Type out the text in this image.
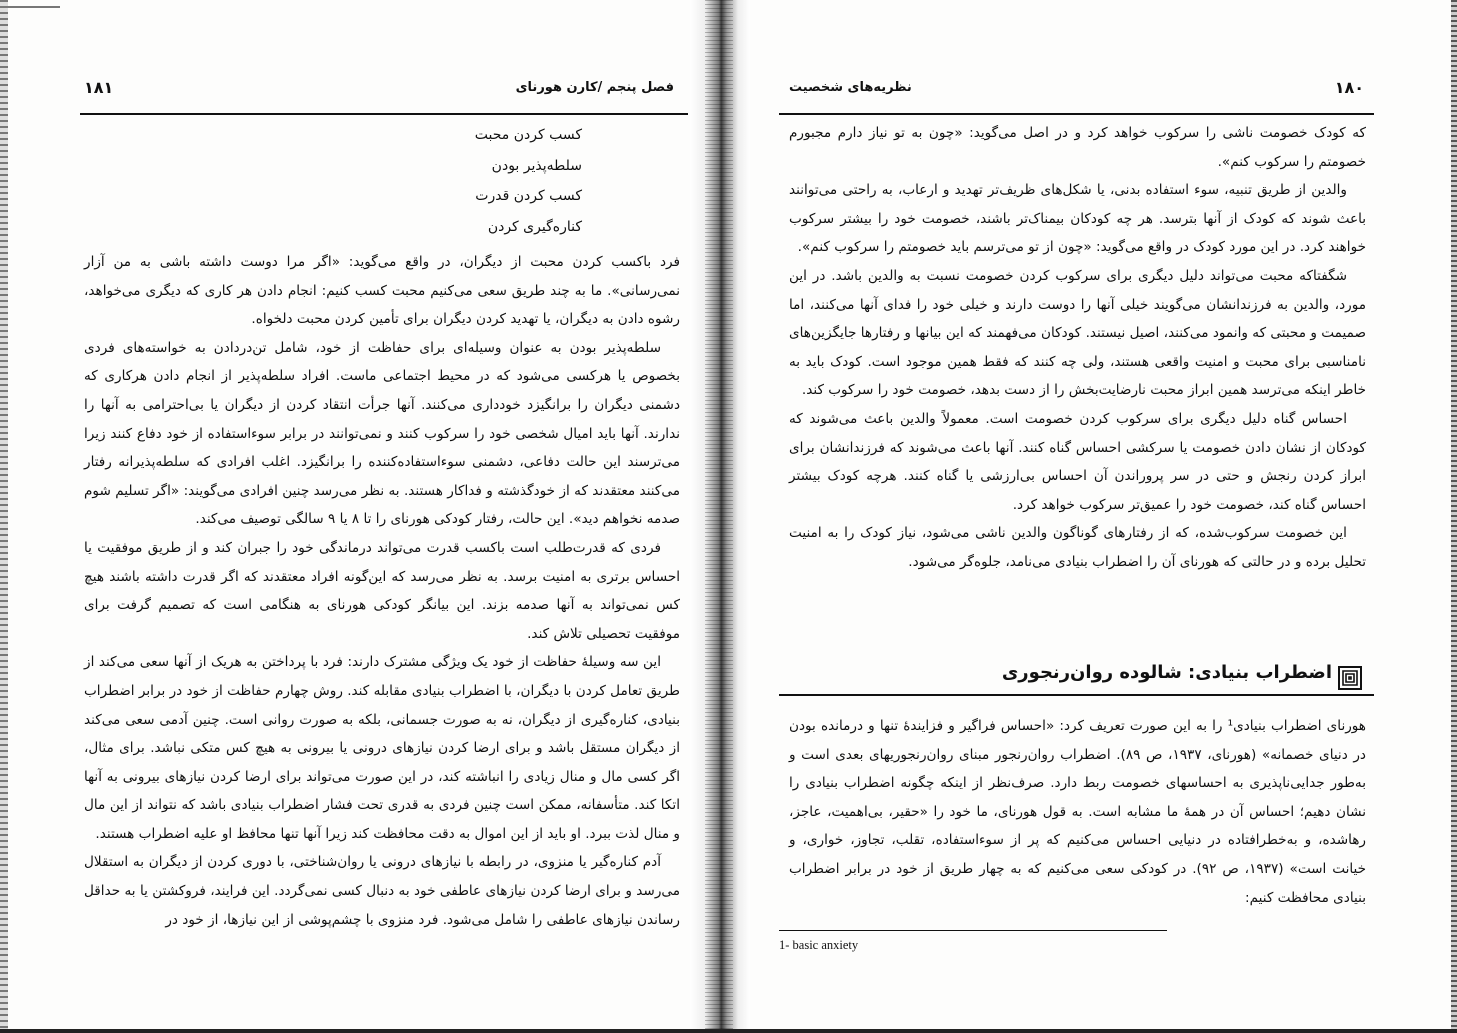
۱۸۱	فصل پنجم /کارن هورنای
کسب کردن محبت
سلطه‌پذیر بودن
کسب کردن قدرت
کناره‌گیری کردن

فرد باکسب کردن محبت از دیگران، در واقع می‌گوید: «اگر مرا دوست داشته باشی به من آزار نمی‌رسانی». ما به چند طریق سعی می‌کنیم محبت کسب کنیم: انجام دادن هر کاری که دیگری می‌خواهد، رشوه دادن به دیگران، یا تهدید کردن دیگران برای تأمین کردن محبت دلخواه.

سلطه‌پذیر بودن به عنوان وسیله‌ای برای حفاظت از خود، شامل تن‌دردادن به خواسته‌های فردی بخصوص یا هرکسی می‌شود که در محیط اجتماعی ماست. افراد سلطه‌پذیر از انجام دادن هرکاری که دشمنی دیگران را برانگیزد خودداری می‌کنند. آنها جرأت انتقاد کردن از دیگران یا بی‌احترامی به آنها را ندارند. آنها باید امیال شخصی خود را سرکوب کنند و نمی‌توانند در برابر سوءاستفاده از خود دفاع کنند زیرا می‌ترسند این حالت دفاعی، دشمنی سوءاستفاده‌کننده را برانگیزد. اغلب افرادی که سلطه‌پذیرانه رفتار می‌کنند معتقدند که از خودگذشته و فداکار هستند. به نظر می‌رسد چنین افرادی می‌گویند: «اگر تسلیم شوم صدمه نخواهم دید». این حالت، رفتار کودکی هورنای را تا ۸ یا ۹ سالگی توصیف می‌کند.

فردی که قدرت‌طلب است باکسب قدرت می‌تواند درماندگی خود را جبران کند و از طریق موفقیت یا احساس برتری به امنیت برسد. به نظر می‌رسد که این‌گونه افراد معتقدند که اگر قدرت داشته باشند هیچ کس نمی‌تواند به آنها صدمه بزند. این بیانگر کودکی هورنای به هنگامی است که تصمیم گرفت برای موفقیت تحصیلی تلاش کند.

این سه وسیلهٔ حفاظت از خود یک ویژگی مشترک دارند: فرد با پرداختن به هریک از آنها سعی می‌کند از طریق تعامل کردن با دیگران، با اضطراب بنیادی مقابله کند. روش چهارم حفاظت از خود در برابر اضطراب بنیادی، کناره‌گیری از دیگران، نه به صورت جسمانی، بلکه به صورت روانی است. چنین آدمی سعی می‌کند از دیگران مستقل باشد و برای ارضا کردن نیازهای درونی یا بیرونی به هیچ کس متکی نباشد. برای مثال، اگر کسی مال و منال زیادی را انباشته کند، در این صورت می‌تواند برای ارضا کردن نیازهای بیرونی به آنها اتکا کند. متأسفانه، ممکن است چنین فردی به قدری تحت فشار اضطراب بنیادی باشد که نتواند از این مال و منال لذت ببرد. او باید از این اموال به دقت محافظت کند زیرا آنها تنها محافظ او علیه اضطراب هستند.

آدم کناره‌گیر یا منزوی، در رابطه با نیازهای درونی یا روان‌شناختی، با دوری کردن از دیگران به استقلال می‌رسد و برای ارضا کردن نیازهای عاطفی خود به دنبال کسی نمی‌گردد. این فرایند، فروکشتن یا به حداقل رساندن نیازهای عاطفی را شامل می‌شود. فرد منزوی با چشم‌پوشی از این نیازها، از خود در

۱۸۰
نظریه‌های شخصیت

که کودک خصومت ناشی را سرکوب خواهد کرد و در اصل می‌گوید: «چون به تو نیاز دارم مجبورم خصومتم را سرکوب کنم».

والدین از طریق تنبیه، سوء استفاده بدنی، یا شکل‌های ظریف‌تر تهدید و ارعاب، به راحتی می‌توانند باعث شوند که کودک از آنها بترسد. هر چه کودکان بیمناک‌تر باشند، خصومت خود را بیشتر سرکوب خواهند کرد. در این مورد کودک در واقع می‌گوید: «چون از تو می‌ترسم باید خصومتم را سرکوب کنم».

شگفتاکه محبت می‌تواند دلیل دیگری برای سرکوب کردن خصومت نسبت به والدین باشد. در این مورد، والدین به فرزندانشان می‌گویند خیلی آنها را دوست دارند و خیلی خود را فدای آنها می‌کنند، اما صمیمت و محبتی که وانمود می‌کنند، اصیل نیستند. کودکان می‌فهمند که این بیانها و رفتارها جایگزین‌های نامناسبی برای محبت و امنیت واقعی هستند، ولی چه کنند که فقط همین موجود است. کودک باید به خاطر اینکه می‌ترسد همین ابراز محبت نارضایت‌بخش را از دست بدهد، خصومت خود را سرکوب کند.

احساس گناه دلیل دیگری برای سرکوب کردن خصومت است. معمولاً والدین باعث می‌شوند که کودکان از نشان دادن خصومت یا سرکشی احساس گناه کنند. آنها باعث می‌شوند که فرزندانشان برای ابراز کردن رنجش و حتی در سر پروراندن آن احساس بی‌ارزشی یا گناه کنند. هرچه کودک بیشتر احساس گناه کند، خصومت خود را عمیق‌تر سرکوب خواهد کرد.

این خصومت سرکوب‌شده، که از رفتارهای گوناگون والدین ناشی می‌شود، نیاز کودک را به امنیت تحلیل برده و در حالتی که هورنای آن را اضطراب بنیادی می‌نامد، جلوه‌گر می‌شود.

اضطراب بنیادی: شالوده روان‌رنجوری

هورنای اضطراب بنیادی¹ را به این صورت تعریف کرد: «احساس فراگیر و فزایندهٔ تنها و درمانده بودن در دنیای خصمانه» (هورنای، ۱۹۳۷، ص ۸۹). اضطراب روان‌رنجور مبنای روان‌رنجوریهای بعدی است و به‌طور جدایی‌ناپذیری به احساسهای خصومت ربط دارد. صرف‌نظر از اینکه چگونه اضطراب بنیادی را نشان دهیم؛ احساس آن در همهٔ ما مشابه است. به قول هورنای، ما خود را «حقیر، بی‌اهمیت، عاجز، رهاشده، و به‌خطرافتاده در دنیایی احساس می‌کنیم که پر از سوءاستفاده، تقلب، تجاوز، خواری، و خیانت است» (۱۹۳۷، ص ۹۲). در کودکی سعی می‌کنیم که به چهار طریق از خود در برابر اضطراب بنیادی محافظت کنیم:

1- basic anxiety
